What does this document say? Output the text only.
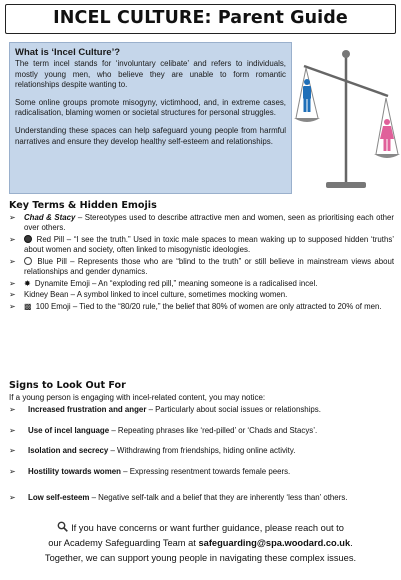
INCEL CULTURE: Parent Guide
What is ‘Incel Culture’?

The term incel stands for ‘involuntary celibate’ and refers to individuals, mostly young men, who believe they are unable to form romantic relationships despite wanting to.

Some online groups promote misogyny, victimhood, and, in extreme cases, radicalisation, blaming women or societal structures for personal struggles.

Understanding these spaces can help safeguard young people from harmful narratives and ensure they develop healthy self-esteem and relationships.

Key Terms & Hidden Emojis
➢ Chad & Stacy – Stereotypes used to describe attractive men and women, seen as prioritising each other over others.
➢	Red Pill – “I see the truth.” Used in toxic male spaces to mean waking up to supposed hidden ‘truths’ about women and society, often linked to misogynistic ideologies.
➢	Blue Pill – Represents those who are “blind to the truth” or still believe in mainstream views about relationships and gender dynamics.
➢ ✸ Dynamite Emoji – An “exploding red pill,” meaning someone is a radicalised incel.
➢ Kidney Bean – A symbol linked to incel culture, sometimes mocking women.
➢ ▩ 100 Emoji – Tied to the “80/20 rule,” the belief that 80% of women are only attracted to 20% of men.
Signs to Look Out For
If a young person is engaging with incel-related content, you may notice:
➢ Increased frustration and anger – Particularly about social issues or relationships.
➢ Use of incel language – Repeating phrases like ‘red-pilled’ or ‘Chads and Stacys’.
➢ Isolation and secrecy – Withdrawing from friendships, hiding online activity.
➢ Hostility towards women – Expressing resentment towards female peers.
➢ Low self-esteem – Negative self-talk and a belief that they are inherently ‘less than’ others.
If you have concerns or want further guidance, please reach out to
our Academy Safeguarding Team at safeguarding@spa.woodard.co.uk.
Together, we can support young people in navigating these complex issues.
